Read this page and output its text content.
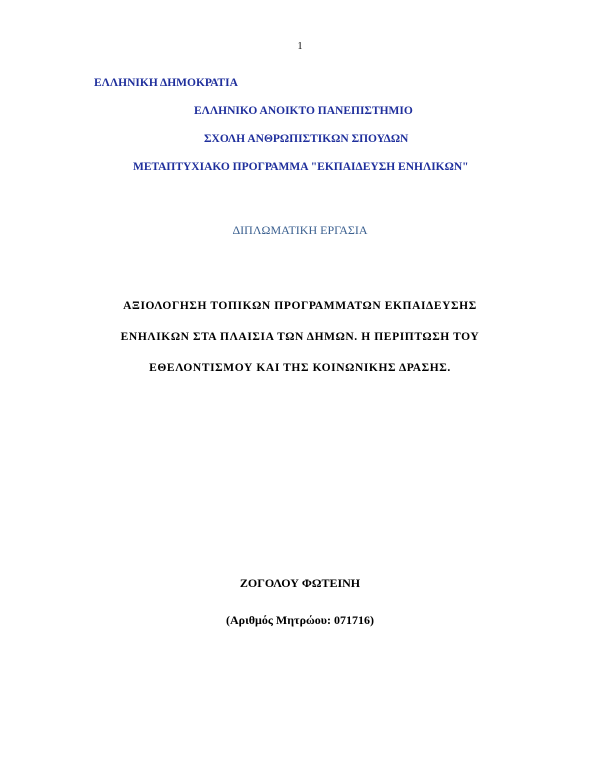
1
ΕΛΛΗΝΙΚΗ ΔΗΜΟΚΡΑΤΙΑ
ΕΛΛΗΝΙΚΟ ΑΝΟΙΚΤΟ ΠΑΝΕΠΙΣΤΗΜΙΟ
ΣΧΟΛΗ ΑΝΘΡΩΠΙΣΤΙΚΩΝ ΣΠΟΥΔΩΝ
ΜΕΤΑΠΤΥΧΙΑΚΟ ΠΡΟΓΡΑΜΜΑ "ΕΚΠΑΙΔΕΥΣΗ ΕΝΗΛΙΚΩΝ"
ΔΙΠΛΩΜΑΤΙΚΗ ΕΡΓΑΣΙΑ
ΑΞΙΟΛΟΓΗΣΗ ΤΟΠΙΚΩΝ ΠΡΟΓΡΑΜΜΑΤΩΝ ΕΚΠΑΙΔΕΥΣΗΣ
ΕΝΗΛΙΚΩΝ ΣΤΑ ΠΛΑΙΣΙΑ ΤΩΝ ΔΗΜΩΝ. Η ΠΕΡΙΠΤΩΣΗ ΤΟΥ
ΕΘΕΛΟΝΤΙΣΜΟΥ ΚΑΙ ΤΗΣ ΚΟΙΝΩΝΙΚΗΣ ΔΡΑΣΗΣ.
ΖΟΓΟΛΟΥ ΦΩΤΕΙΝΗ
(Αριθμός Μητρώου: 071716)
